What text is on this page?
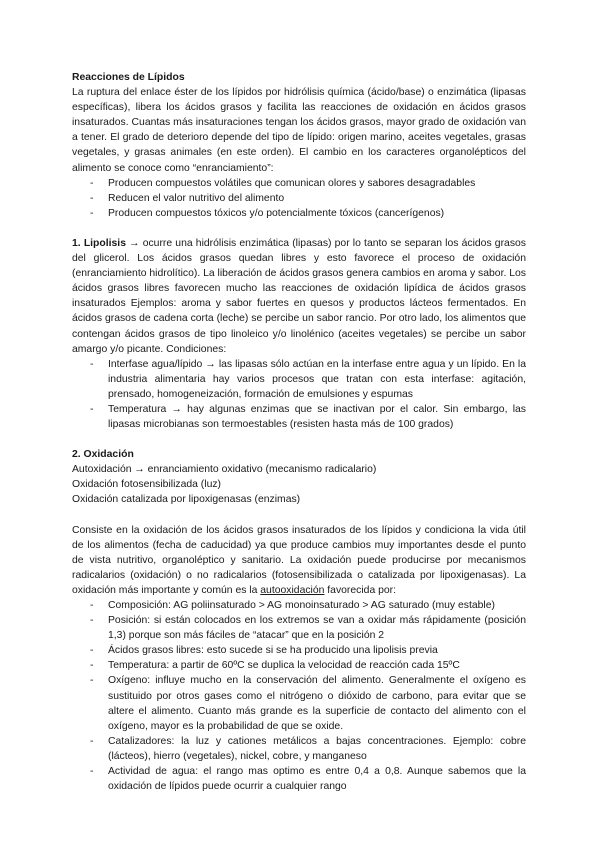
Reacciones de Lípidos

La ruptura del enlace éster de los lípidos por hidrólisis química (ácido/base) o enzimática (lipasas específicas), libera los ácidos grasos y facilita las reacciones de oxidación en ácidos grasos insaturados. Cuantas más insaturaciones tengan los ácidos grasos, mayor grado de oxidación van a tener. El grado de deterioro depende del tipo de lípido: origen marino, aceites vegetales, grasas vegetales, y grasas animales (en este orden). El cambio en los caracteres organolépticos del alimento se conoce como “enranciamiento”:

- Producen compuestos volátiles que comunican olores y sabores desagradables
- Reducen el valor nutritivo del alimento
- Producen compuestos tóxicos y/o potencialmente tóxicos (cancerígenos)

1. Lipolisis → ocurre una hidrólisis enzimática (lipasas) por lo tanto se separan los ácidos grasos del glicerol. Los ácidos grasos quedan libres y esto favorece el proceso de oxidación (enranciamiento hidrolítico). La liberación de ácidos grasos genera cambios en aroma y sabor. Los ácidos grasos libres favorecen mucho las reacciones de oxidación lipídica de ácidos grasos insaturados Ejemplos: aroma y sabor fuertes en quesos y productos lácteos fermentados. En ácidos grasos de cadena corta (leche) se percibe un sabor rancio. Por otro lado, los alimentos que contengan ácidos grasos de tipo linoleico y/o linolénico (aceites vegetales) se percibe un sabor amargo y/o picante. Condiciones:

- Interfase agua/lípido → las lipasas sólo actúan en la interfase entre agua y un lípido. En la industria alimentaria hay varios procesos que tratan con esta interfase: agitación, prensado, homogeneización, formación de emulsiones y espumas
- Temperatura → hay algunas enzimas que se inactivan por el calor. Sin embargo, las lipasas microbianas son termoestables (resisten hasta más de 100 grados)
2. Oxidación

Autoxidación → enranciamiento oxidativo (mecanismo radicalario)

Oxidación fotosensibilizada (luz)

Oxidación catalizada por lipoxigenasas (enzimas)

Consiste en la oxidación de los ácidos grasos insaturados de los lípidos y condiciona la vida útil de los alimentos (fecha de caducidad) ya que produce cambios muy importantes desde el punto de vista nutritivo, organoléptico y sanitario. La oxidación puede producirse por mecanismos radicalarios (oxidación) o no radicalarios (fotosensibilizada o catalizada por lipoxigenasas). La oxidación más importante y común es la autooxidación favorecida por:

- Composición: AG poliinsaturado > AG monoinsaturado > AG saturado (muy estable)
- Posición: si están colocados en los extremos se van a oxidar más rápidamente (posición 1,3) porque son más fáciles de “atacar” que en la posición 2
- Ácidos grasos libres: esto sucede si se ha producido una lipolisis previa
- Temperatura: a partir de 60ºC se duplica la velocidad de reacción cada 15ºC
- Oxígeno: influye mucho en la conservación del alimento. Generalmente el oxígeno es sustituido por otros gases como el nitrógeno o dióxido de carbono, para evitar que se altere el alimento. Cuanto más grande es la superficie de contacto del alimento con el oxígeno, mayor es la probabilidad de que se oxide.
- Catalizadores: la luz y cationes metálicos a bajas concentraciones. Ejemplo: cobre (lácteos), hierro (vegetales), nickel, cobre, y manganeso
- Actividad de agua: el rango mas optimo es entre 0,4 a 0,8. Aunque sabemos que la oxidación de lípidos puede ocurrir a cualquier rango
